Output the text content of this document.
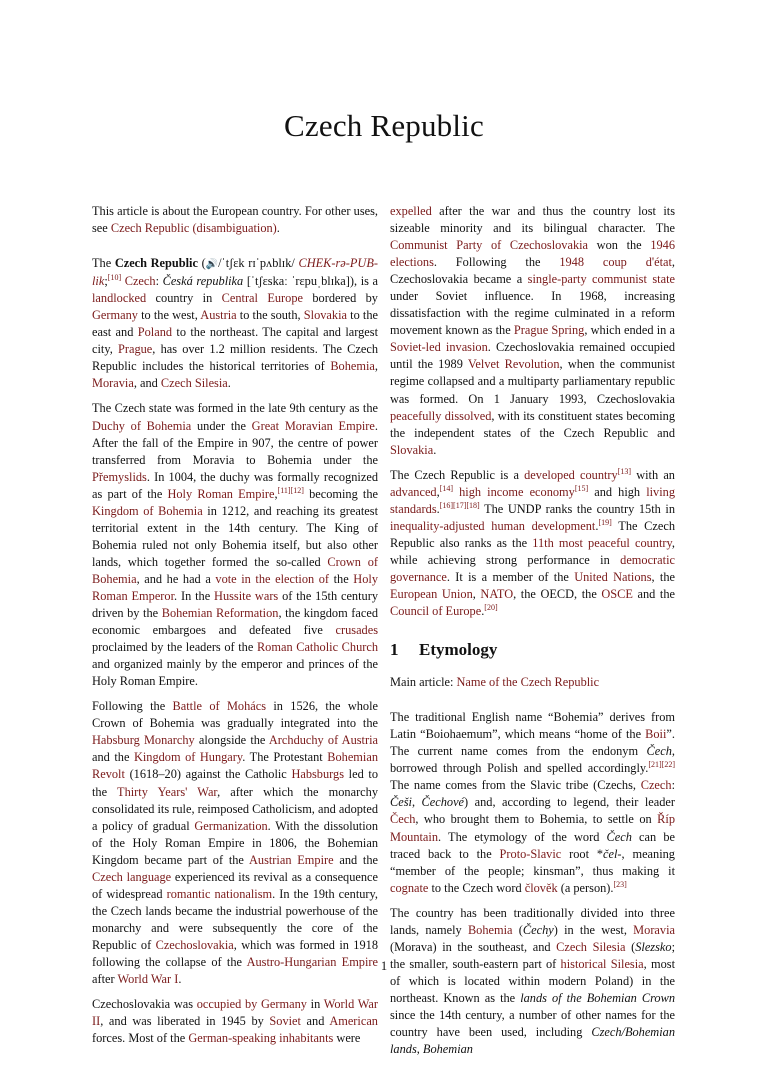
Czech Republic

This article is about the European country. For other uses, see Czech Republic (disambiguation).

The Czech Republic (🔊/ˈtʃɛk rɪˈpʌblɪk/ CHEK-rə-PUB-lik;[10] Czech: Česká republika [ˈtʃɛskaː ˈrɛpuˌblɪka]), is a landlocked country in Central Europe bordered by Germany to the west, Austria to the south, Slovakia to the east and Poland to the northeast. The capital and largest city, Prague, has over 1.2 million residents. The Czech Republic includes the historical territories of Bohemia, Moravia, and Czech Silesia.

The Czech state was formed in the late 9th century as the Duchy of Bohemia under the Great Moravian Empire. After the fall of the Empire in 907, the centre of power transferred from Moravia to Bohemia under the Přemyslids. In 1004, the duchy was formally recognized as part of the Holy Roman Empire,[11][12] becoming the Kingdom of Bohemia in 1212, and reaching its greatest territorial extent in the 14th century. The King of Bohemia ruled not only Bohemia itself, but also other lands, which together formed the so-called Crown of Bohemia, and he had a vote in the election of the Holy Roman Emperor. In the Hussite wars of the 15th century driven by the Bohemian Reformation, the kingdom faced economic embargoes and defeated five crusades proclaimed by the leaders of the Roman Catholic Church and organized mainly by the emperor and princes of the Holy Roman Empire.

Following the Battle of Mohács in 1526, the whole Crown of Bohemia was gradually integrated into the Habsburg Monarchy alongside the Archduchy of Austria and the Kingdom of Hungary. The Protestant Bohemian Revolt (1618–20) against the Catholic Habsburgs led to the Thirty Years' War, after which the monarchy consolidated its rule, reimposed Catholicism, and adopted a policy of gradual Germanization. With the dissolution of the Holy Roman Empire in 1806, the Bohemian Kingdom became part of the Austrian Empire and the Czech language experienced its revival as a consequence of widespread romantic nationalism. In the 19th century, the Czech lands became the industrial powerhouse of the monarchy and were subsequently the core of the Republic of Czechoslovakia, which was formed in 1918 following the collapse of the Austro-Hungarian Empire after World War I.

Czechoslovakia was occupied by Germany in World War II, and was liberated in 1945 by Soviet and American forces. Most of the German-speaking inhabitants were

expelled after the war and thus the country lost its sizeable minority and its bilingual character. The Communist Party of Czechoslovakia won the 1946 elections. Following the 1948 coup d'état, Czechoslovakia became a single-party communist state under Soviet influence. In 1968, increasing dissatisfaction with the regime culminated in a reform movement known as the Prague Spring, which ended in a Soviet-led invasion. Czechoslovakia remained occupied until the 1989 Velvet Revolution, when the communist regime collapsed and a multiparty parliamentary republic was formed. On 1 January 1993, Czechoslovakia peacefully dissolved, with its constituent states becoming the independent states of the Czech Republic and Slovakia.

The Czech Republic is a developed country[13] with an advanced,[14] high income economy[15] and high living standards.[16][17][18] The UNDP ranks the country 15th in inequality-adjusted human development.[19] The Czech Republic also ranks as the 11th most peaceful country, while achieving strong performance in democratic governance. It is a member of the United Nations, the European Union, NATO, the OECD, the OSCE and the Council of Europe.[20]

1 Etymology

Main article: Name of the Czech Republic

The traditional English name “Bohemia” derives from Latin “Boiohaemum”, which means “home of the Boii”. The current name comes from the endonym Čech, borrowed through Polish and spelled accordingly.[21][22] The name comes from the Slavic tribe (Czechs, Czech: Češi, Čechové) and, according to legend, their leader Čech, who brought them to Bohemia, to settle on Říp Mountain. The etymology of the word Čech can be traced back to the Proto-Slavic root *čel-, meaning “member of the people; kinsman”, thus making it cognate to the Czech word člověk (a person).[23]

The country has been traditionally divided into three lands, namely Bohemia (Čechy) in the west, Moravia (Morava) in the southeast, and Czech Silesia (Slezsko; the smaller, south-eastern part of historical Silesia, most of which is located within modern Poland) in the northeast. Known as the lands of the Bohemian Crown since the 14th century, a number of other names for the country have been used, including Czech/Bohemian lands, Bohemian

1
